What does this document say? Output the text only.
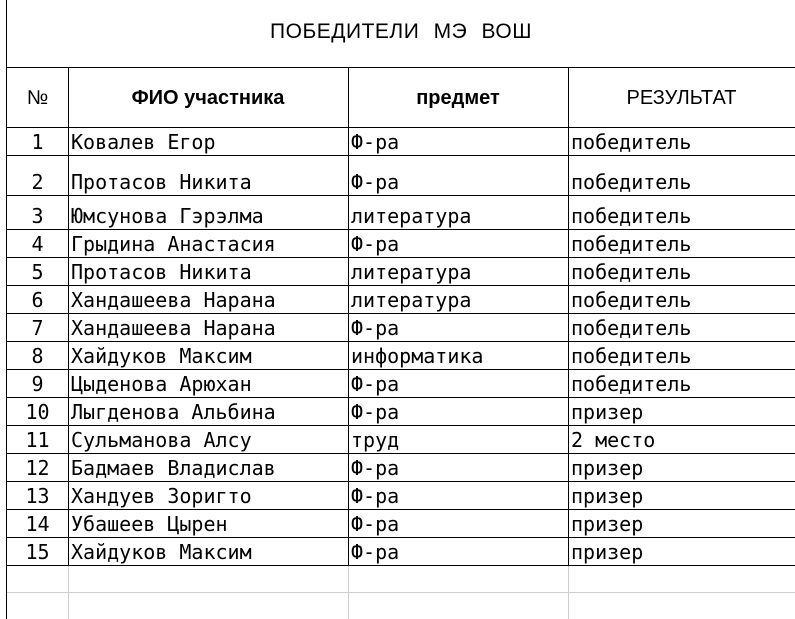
ПОБЕДИТЕЛИ МЭ ВОШ
№	ФИО участника	предмет	РЕЗУЛЬТАТ
1	Ковалев Егор	Ф-ра	победитель
2	Протасов Никита	Ф-ра	победитель
3	Юмсунова Гэрэлма	литература	победитель
4	Грыдина Анастасия	Ф-ра	победитель
5	Протасов Никита	литература	победитель
6	Хандашеева Нарана	литература	победитель
7	Хандашеева Нарана	Ф-ра	победитель
8	Хайдуков Максим	информатика	победитель
9	Цыденова Арюхан	Ф-ра	победитель
10	Лыгденова Альбина	Ф-ра	призер
11	Сульманова Алсу	труд	2 место
12	Бадмаев Владислав	Ф-ра	призер
13	Хандуев Зоригто	Ф-ра	призер
14	Убашеев Цырен	Ф-ра	призер
15	Хайдуков Максим	Ф-ра	призер
